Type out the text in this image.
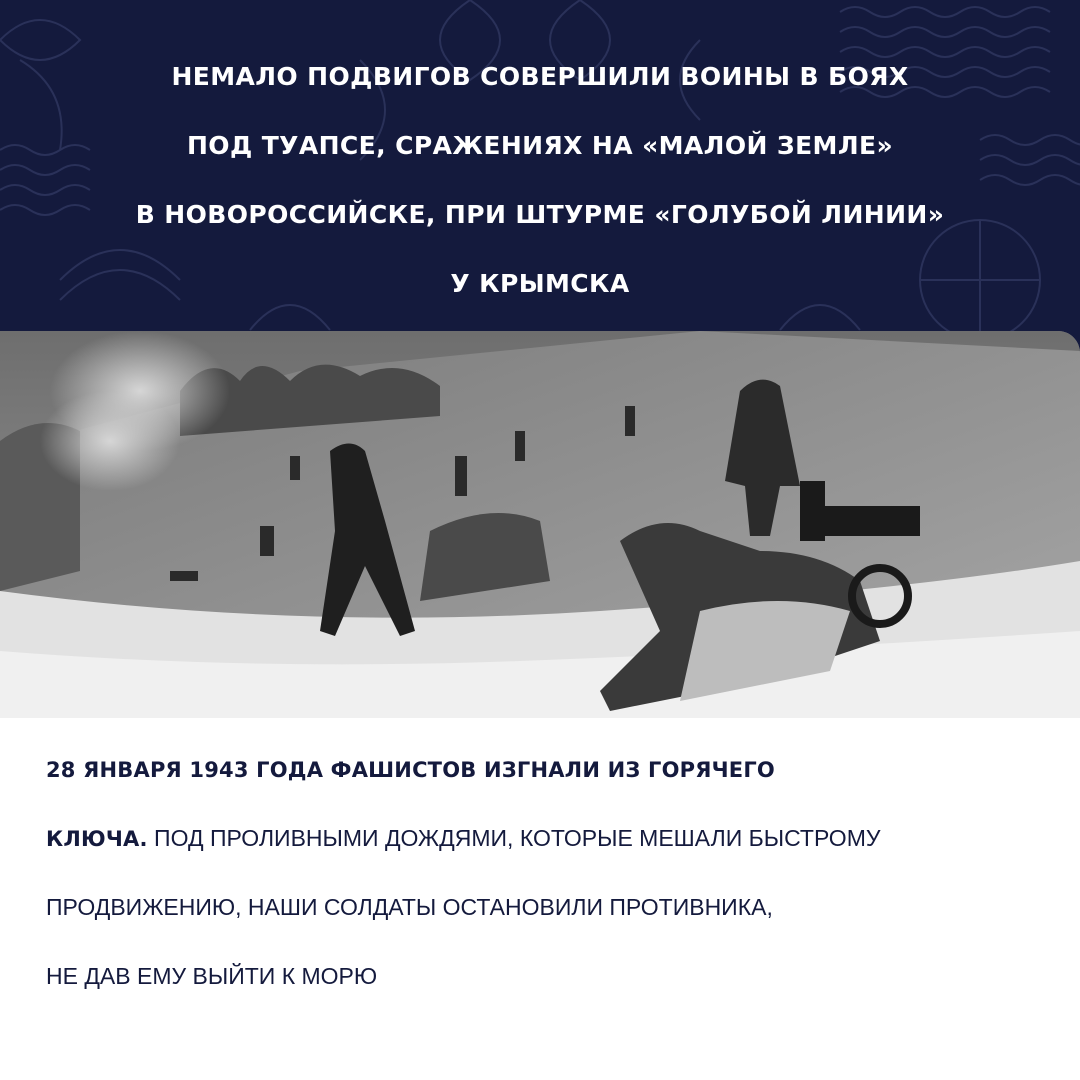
НЕМАЛО ПОДВИГОВ СОВЕРШИЛИ ВОИНЫ В БОЯХ
ПОД ТУАПСЕ, СРАЖЕНИЯХ НА «МАЛОЙ ЗЕМЛЕ»
В НОВОРОССИЙСКЕ, ПРИ ШТУРМЕ «ГОЛУБОЙ ЛИНИИ»
У КРЫМСКА

28 ЯНВАРЯ 1943 ГОДА ФАШИСТОВ ИЗГНАЛИ ИЗ ГОРЯЧЕГО
КЛЮЧА. ПОД ПРОЛИВНЫМИ ДОЖДЯМИ, КОТОРЫЕ МЕШАЛИ БЫСТРОМУ
ПРОДВИЖЕНИЮ, НАШИ СОЛДАТЫ ОСТАНОВИЛИ ПРОТИВНИКА,
НЕ ДАВ ЕМУ ВЫЙТИ К МОРЮ
